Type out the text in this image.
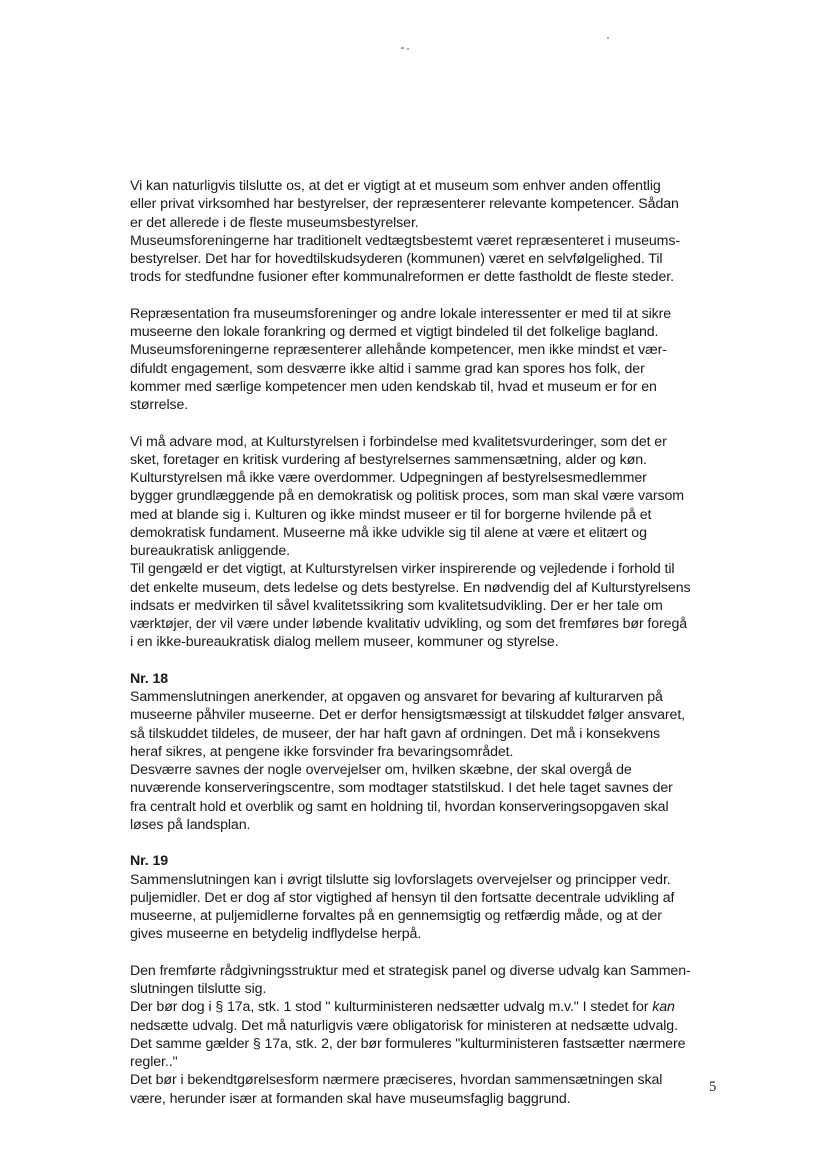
Vi kan naturligvis tilslutte os, at det er vigtigt at et museum som enhver anden offentlig
eller privat virksomhed har bestyrelser, der repræsenterer relevante kompetencer. Sådan
er det allerede i de fleste museumsbestyrelser.
Museumsforeningerne har traditionelt vedtægtsbestemt været repræsenteret i museums-
bestyrelser. Det har for hovedtilskudsyderen (kommunen) været en selvfølgelighed. Til
trods for stedfundne fusioner efter kommunalreformen er dette fastholdt de fleste steder.
Repræsentation fra museumsforeninger og andre lokale interessenter er med til at sikre
museerne den lokale forankring og dermed et vigtigt bindeled til det folkelige bagland.
Museumsforeningerne repræsenterer allehånde kompetencer, men ikke mindst et vær-
difuldt engagement, som desværre ikke altid i samme grad kan spores hos folk, der
kommer med særlige kompetencer men uden kendskab til, hvad et museum er for en
størrelse.
Vi må advare mod, at Kulturstyrelsen i forbindelse med kvalitetsvurderinger, som det er
sket, foretager en kritisk vurdering af bestyrelsernes sammensætning, alder og køn.
Kulturstyrelsen må ikke være overdommer. Udpegningen af bestyrelsesmedlemmer
bygger grundlæggende på en demokratisk og politisk proces, som man skal være varsom
med at blande sig i. Kulturen og ikke mindst museer er til for borgerne hvilende på et
demokratisk fundament. Museerne må ikke udvikle sig til alene at være et elitært og
bureaukratisk anliggende.
Til gengæld er det vigtigt, at Kulturstyrelsen virker inspirerende og vejledende i forhold til
det enkelte museum, dets ledelse og dets bestyrelse. En nødvendig del af Kulturstyrelsens
indsats er medvirken til såvel kvalitetssikring som kvalitetsudvikling. Der er her tale om
værktøjer, der vil være under løbende kvalitativ udvikling, og som det fremføres bør foregå
i en ikke-bureaukratisk dialog mellem museer, kommuner og styrelse.
Nr. 18
Sammenslutningen anerkender, at opgaven og ansvaret for bevaring af kulturarven på
museerne påhviler museerne. Det er derfor hensigtsmæssigt at tilskuddet følger ansvaret,
så tilskuddet tildeles, de museer, der har haft gavn af ordningen. Det må i konsekvens
heraf sikres, at pengene ikke forsvinder fra bevaringsområdet.
Desværre savnes der nogle overvejelser om, hvilken skæbne, der skal overgå de
nuværende konserveringscentre, som modtager statstilskud. I det hele taget savnes der
fra centralt hold et overblik og samt en holdning til, hvordan konserveringsopgaven skal
løses på landsplan.
Nr. 19
Sammenslutningen kan i øvrigt tilslutte sig lovforslagets overvejelser og principper vedr.
puljemidler. Det er dog af stor vigtighed af hensyn til den fortsatte decentrale udvikling af
museerne, at puljemidlerne forvaltes på en gennemsigtig og retfærdig måde, og at der
gives museerne en betydelig indflydelse herpå.
Den fremførte rådgivningsstruktur med et strategisk panel og diverse udvalg kan Sammen-
slutningen tilslutte sig.
Der bør dog i § 17a, stk. 1 stod " kulturministeren nedsætter udvalg m.v." I stedet for kan
nedsætte udvalg. Det må naturligvis være obligatorisk for ministeren at nedsætte udvalg.
Det samme gælder § 17a, stk. 2, der bør formuleres "kulturministeren fastsætter nærmere
regler.."
Det bør i bekendtgørelsesform nærmere præciseres, hvordan sammensætningen skal
være, herunder især at formanden skal have museumsfaglig baggrund.
5
